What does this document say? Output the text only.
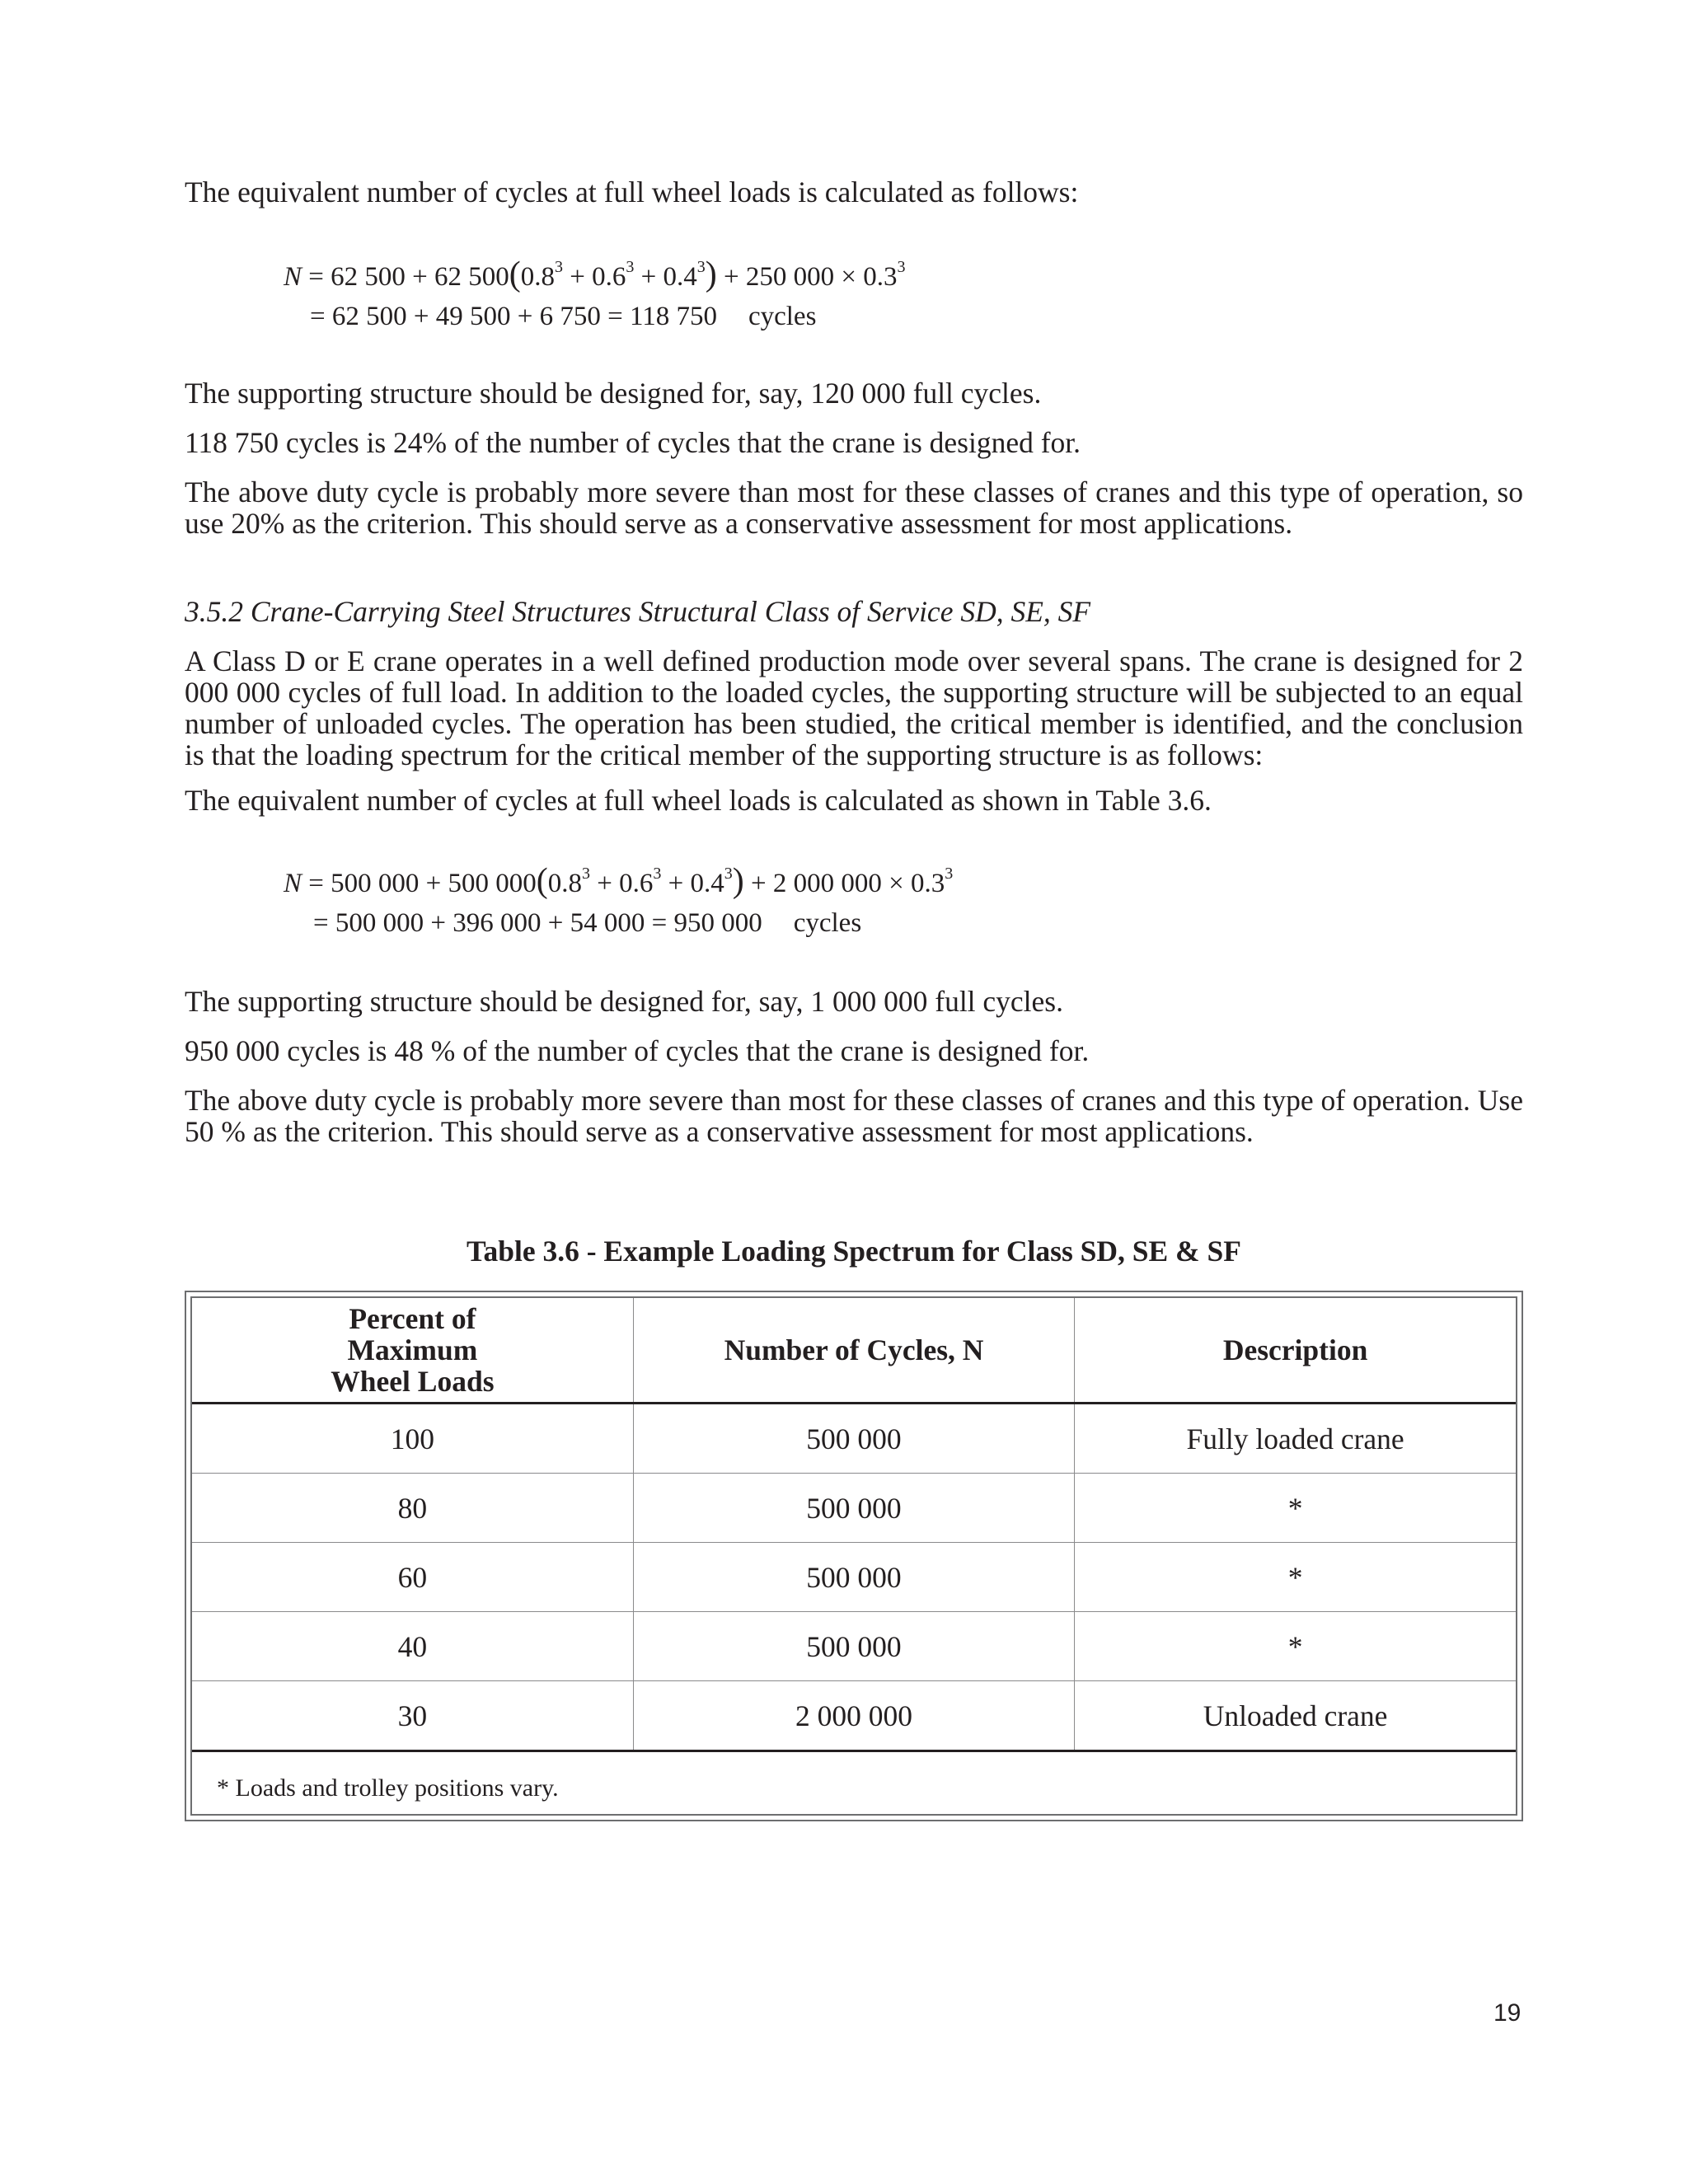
The equivalent number of cycles at full wheel loads is calculated as follows:

N = 62 500 + 62 $500(0.8^3 + 0.6^3 + 0.4^3) + 250$ $000 \times 0.3^3$
= 62 500 + 49 500 + 6 750 = 118 750 cycles

The supporting structure should be designed for, say, 120 000 full cycles.

118 750 cycles is 24% of the number of cycles that the crane is designed for.

The above duty cycle is probably more severe than most for these classes of cranes and this type of operation, so use 20% as the criterion. This should serve as a conservative assessment for most applications.

3.5.2 Crane-Carrying Steel Structures Structural Class of Service SD, SE, SF

A Class D or E crane operates in a well defined production mode over several spans. The crane is designed for 2 000 000 cycles of full load. In addition to the loaded cycles, the supporting structure will be subjected to an equal number of unloaded cycles. The operation has been studied, the critical member is identified, and the conclusion is that the loading spectrum for the critical member of the supporting structure is as follows:

The equivalent number of cycles at full wheel loads is calculated as shown in Table 3.6.

N = 500 000 + 500 $000(0.8^3 + 0.6^3 + 0.4^3) + 2$ 000 $000 \times 0.3^3$
= 500 000 + 396 000 + 54 000 = 950 000 cycles

The supporting structure should be designed for, say, 1 000 000 full cycles.

950 000 cycles is 48 % of the number of cycles that the crane is designed for.

The above duty cycle is probably more severe than most for these classes of cranes and this type of operation. Use 50 % as the criterion. This should serve as a conservative assessment for most applications.

Table 3.6 - Example Loading Spectrum for Class SD, SE & SF
Percent of Maximum Wheel Loads	Number of Cycles, N	Description
100	500 000	Fully loaded crane
80	500 000	*
60	500 000	*
40	500 000	*
30	2 000 000	Unloaded crane
* Loads and trolley positions vary.
19
